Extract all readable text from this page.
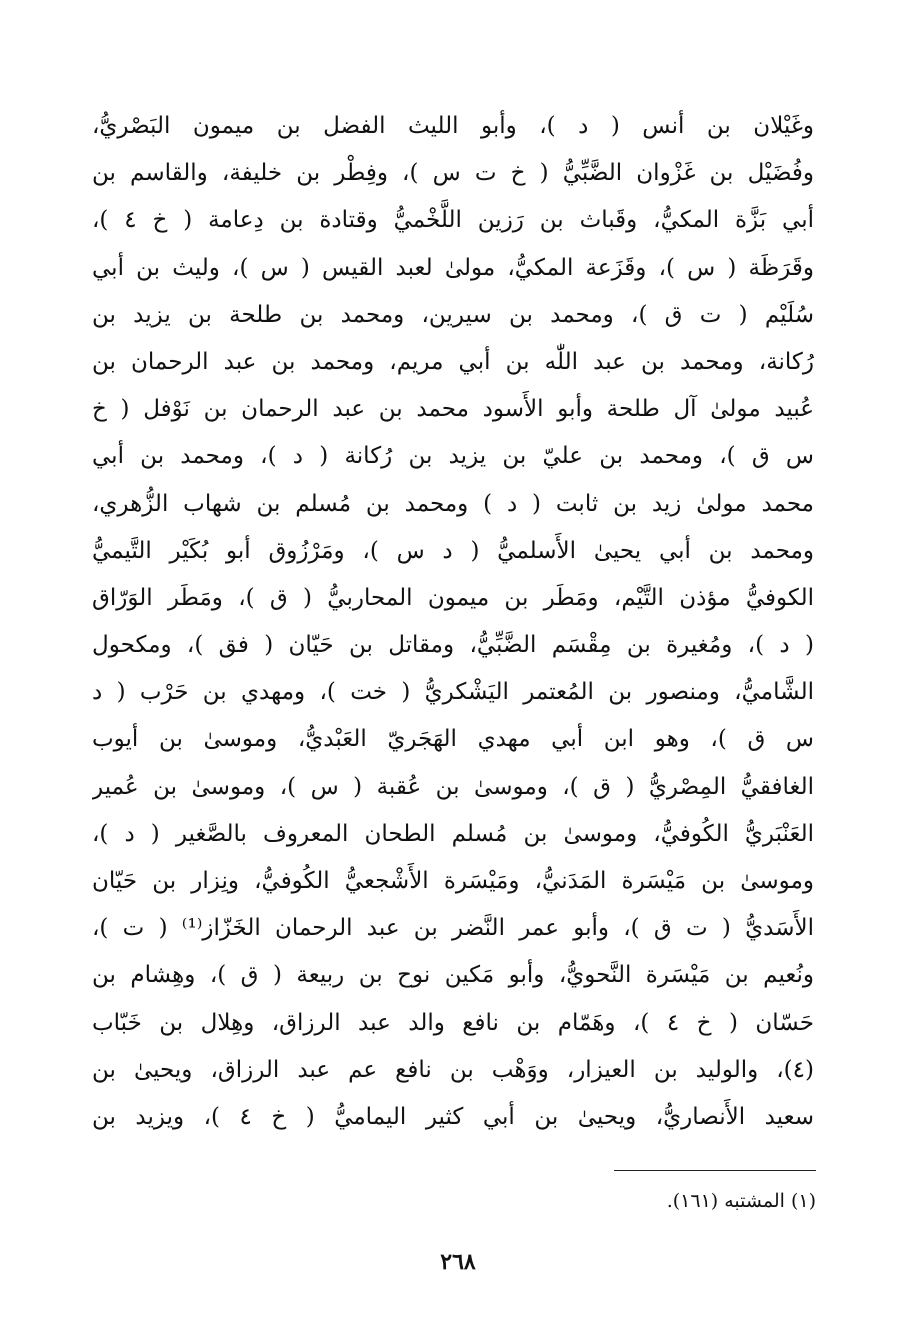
وغَيْلان بن أنس ( د )، وأبو الليث الفضل بن ميمون البَصْريُّ،
وفُضَيْل بن غَزْوان الضَّبِّيُّ ( خ ت س )، وفِطْر بن خليفة، والقاسم بن
أبي بَزَّة المكيُّ، وقَباث بن رَزين اللَّخْميُّ وقتادة بن دِعامة ( خ ٤ )،
وقَرَظَة ( س )، وقَزَعة المكيُّ، مولىٰ لعبد القيس ( س )، وليث بن أبي
سُلَيْم ( ت ق )، ومحمد بن سيرين، ومحمد بن طلحة بن يزيد بن
رُكانة، ومحمد بن عبد اللّٰه بن أبي مريم، ومحمد بن عبد الرحمان بن
عُبيد مولىٰ آل طلحة وأبو الأَسود محمد بن عبد الرحمان بن نَوْفل ( خ
س ق )، ومحمد بن عليّ بن يزيد بن رُكانة ( د )، ومحمد بن أبي
محمد مولىٰ زيد بن ثابت ( د ) ومحمد بن مُسلم بن شهاب الزُّهري،
ومحمد بن أبي يحيىٰ الأَسلميُّ ( د س )، ومَرْزُوق أبو بُكَيْر التَّيميُّ
الكوفيُّ مؤذن التَّيْم، ومَطَر بن ميمون المحاربيُّ ( ق )، ومَطَر الوَرّاق
( د )، ومُغيرة بن مِقْسَم الضَّبِّيُّ، ومقاتل بن حَيّان ( فق )، ومكحول
الشَّاميُّ، ومنصور بن المُعتمر اليَشْكريُّ ( خت )، ومهدي بن حَرْب ( د
س ق )، وهو ابن أبي مهدي الهَجَريّ العَبْديُّ، وموسىٰ بن أيوب
الغافقيُّ المِصْريُّ ( ق )، وموسىٰ بن عُقبة ( س )، وموسىٰ بن عُمير
العَنْبَريُّ الكُوفيُّ، وموسىٰ بن مُسلم الطحان المعروف بالصَّغير ( د )،
وموسىٰ بن مَيْسَرة المَدَنيُّ، ومَيْسَرة الأَشْجعيُّ الكُوفيُّ، ونِزار بن حَيّان
الأَسَديُّ ( ت ق )، وأبو عمر النَّضر بن عبد الرحمان الخَزّاز⁽¹⁾ ( ت )،
ونُعيم بن مَيْسَرة النَّحويُّ، وأبو مَكين نوح بن ربيعة ( ق )، وهِشام بن
حَسّان ( خ ٤ )، وهَمّام بن نافع والد عبد الرزاق، وهِلال بن خَبّاب
(٤)، والوليد بن العيزار، ووَهْب بن نافع عم عبد الرزاق، ويحيىٰ بن
سعيد الأَنصاريُّ، ويحيىٰ بن أبي كثير اليماميُّ ( خ ٤ )، ويزيد بن
(١) المشتبه (١٦١).
٢٦٨
